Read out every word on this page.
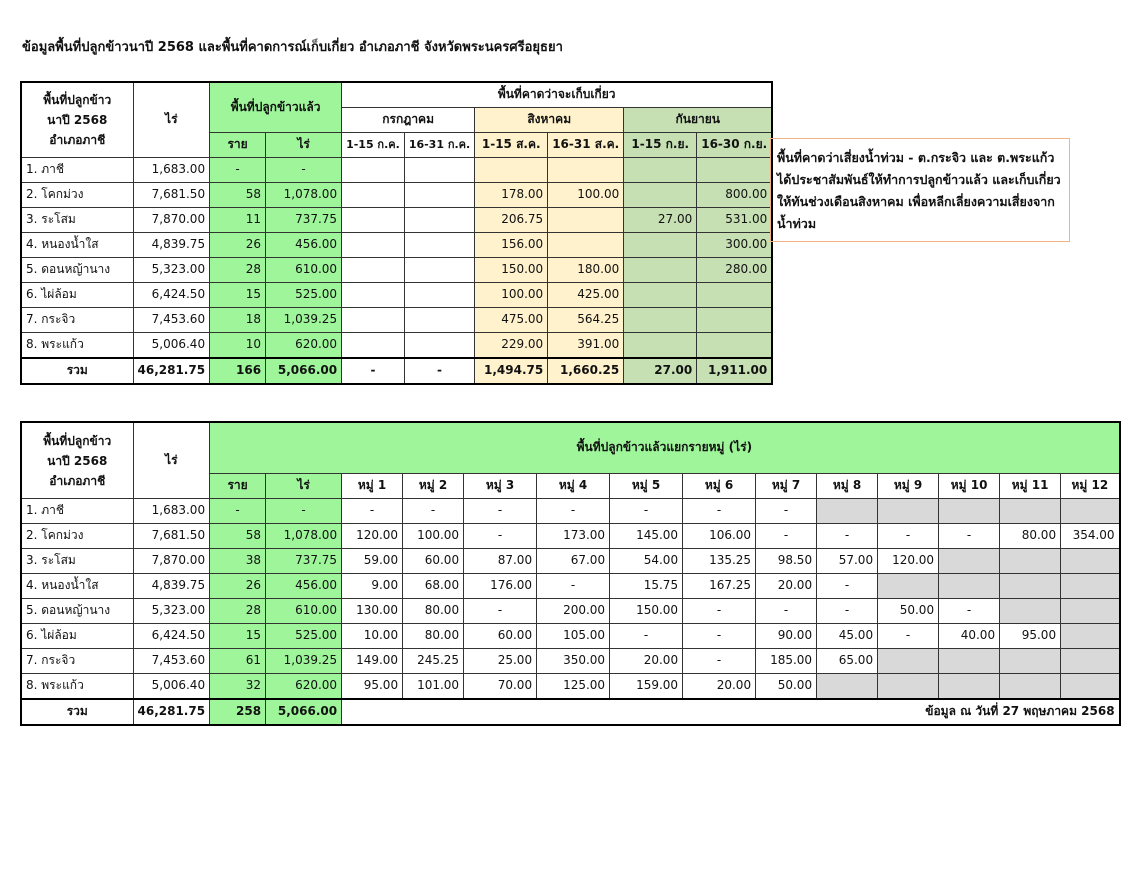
ข้อมูลพื้นที่ปลูกข้าวนาปี 2568 และพื้นที่คาดการณ์เก็บเกี่ยว อำเภอภาชี จังหวัดพระนครศรีอยุธยา
พื้นที่ปลูกข้าว
นาปี 2568
อำเภอภาชี	ไร่	พื้นที่ปลูกข้าวแล้ว		พื้นที่คาดว่าจะเก็บเกี่ยว					
				กรกฎาคม		สิงหาคม		กันยายน	
		ราย	ไร่	1-15 ก.ค.	16-31 ก.ค.	1-15 ส.ค.	16-31 ส.ค.	1-15 ก.ย.	16-30 ก.ย.
1. ภาชี	1,683.00	-	-						
2. โคกม่วง	7,681.50	58	1,078.00			178.00	100.00		800.00
3. ระโสม	7,870.00	11	737.75			206.75		27.00	531.00
4. หนองน้ำใส	4,839.75	26	456.00			156.00			300.00
5. ดอนหญ้านาง	5,323.00	28	610.00			150.00	180.00		280.00
6. ไผ่ล้อม	6,424.50	15	525.00			100.00	425.00		
7. กระจิว	7,453.60	18	1,039.25			475.00	564.25		
8. พระแก้ว	5,006.40	10	620.00			229.00	391.00		
รวม	46,281.75	166	5,066.00	-	-	1,494.75	1,660.25	27.00	1,911.00
พื้นที่คาดว่าเสี่ยงน้ำท่วม - ต.กระจิว และ ต.พระแก้ว
ได้ประชาสัมพันธ์ให้ทำการปลูกข้าวแล้ว และเก็บเกี่ยว
ให้ทันช่วงเดือนสิงหาคม เพื่อหลีกเลี่ยงความเสี่ยงจาก
น้ำท่วม
พื้นที่ปลูกข้าว
นาปี 2568
อำเภอภาชี	ไร่	พื้นที่ปลูกข้าวแล้วแยกรายหมู่ (ไร่)													
		ราย	ไร่	หมู่ 1	หมู่ 2	หมู่ 3	หมู่ 4	หมู่ 5	หมู่ 6	หมู่ 7	หมู่ 8	หมู่ 9	หมู่ 10	หมู่ 11	หมู่ 12
1. ภาชี	1,683.00	-	-	-	-	-	-	-	-	-					
2. โคกม่วง	7,681.50	58	1,078.00	120.00	100.00	-	173.00	145.00	106.00	-	-	-	-	80.00	354.00
3. ระโสม	7,870.00	38	737.75	59.00	60.00	87.00	67.00	54.00	135.25	98.50	57.00	120.00			
4. หนองน้ำใส	4,839.75	26	456.00	9.00	68.00	176.00	-	15.75	167.25	20.00	-				
5. ดอนหญ้านาง	5,323.00	28	610.00	130.00	80.00	-	200.00	150.00	-	-	-	50.00	-		
6. ไผ่ล้อม	6,424.50	15	525.00	10.00	80.00	60.00	105.00	-	-	90.00	45.00	-	40.00	95.00	
7. กระจิว	7,453.60	61	1,039.25	149.00	245.25	25.00	350.00	20.00	-	185.00	65.00				
8. พระแก้ว	5,006.40	32	620.00	95.00	101.00	70.00	125.00	159.00	20.00	50.00					
รวม	46,281.75	258	5,066.00	ข้อมูล ณ วันที่ 27 พฤษภาคม 2568											
